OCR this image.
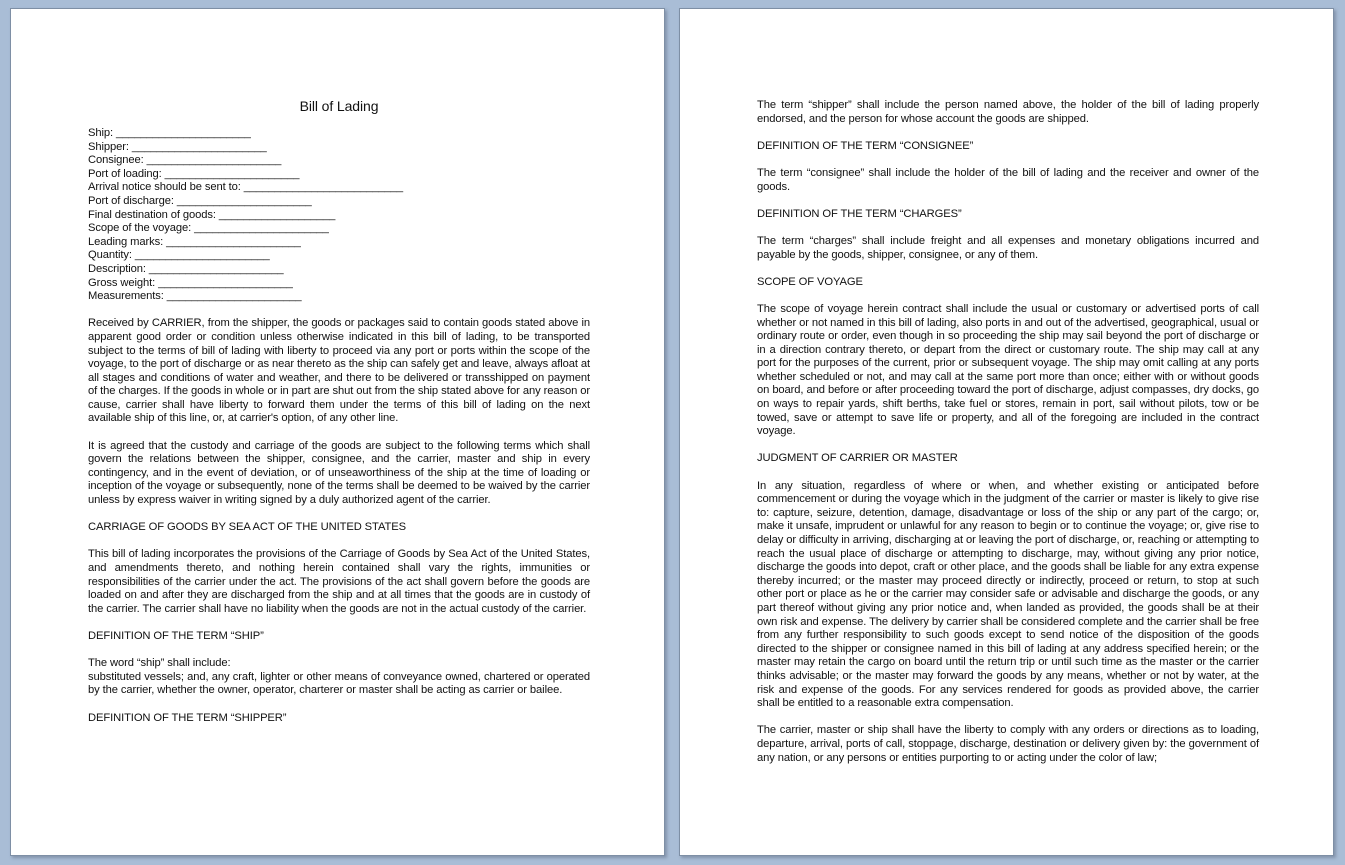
Bill of Lading
Ship: ______________________
Shipper: ______________________
Consignee: ______________________
Port of loading: ______________________
Arrival notice should be sent to: __________________________
Port of discharge: ______________________
Final destination of goods: ___________________
Scope of the voyage: ______________________
Leading marks: ______________________
Quantity: ______________________
Description: ______________________
Gross weight: ______________________
Measurements: ______________________

Received by CARRIER, from the shipper, the goods or packages said to contain goods stated above in apparent good order or condition unless otherwise indicated in this bill of lading, to be transported subject to the terms of bill of lading with liberty to proceed via any port or ports within the scope of the voyage, to the port of discharge or as near thereto as the ship can safely get and leave, always afloat at all stages and conditions of water and weather, and there to be delivered or transshipped on payment of the charges. If the goods in whole or in part are shut out from the ship stated above for any reason or cause, carrier shall have liberty to forward them under the terms of this bill of lading on the next available ship of this line, or, at carrier's option, of any other line.

It is agreed that the custody and carriage of the goods are subject to the following terms which shall govern the relations between the shipper, consignee, and the carrier, master and ship in every contingency, and in the event of deviation, or of unseaworthiness of the ship at the time of loading or inception of the voyage or subsequently, none of the terms shall be deemed to be waived by the carrier unless by express waiver in writing signed by a duly authorized agent of the carrier.

CARRIAGE OF GOODS BY SEA ACT OF THE UNITED STATES

This bill of lading incorporates the provisions of the Carriage of Goods by Sea Act of the United States, and amendments thereto, and nothing herein contained shall vary the rights, immunities or responsibilities of the carrier under the act. The provisions of the act shall govern before the goods are loaded on and after they are discharged from the ship and at all times that the goods are in custody of the carrier. The carrier shall have no liability when the goods are not in the actual custody of the carrier.

DEFINITION OF THE TERM “SHIP”

The word “ship” shall include:

substituted vessels; and, any craft, lighter or other means of conveyance owned, chartered or operated by the carrier, whether the owner, operator, charterer or master shall be acting as carrier or bailee.

DEFINITION OF THE TERM “SHIPPER”

The term “shipper” shall include the person named above, the holder of the bill of lading properly endorsed, and the person for whose account the goods are shipped.

DEFINITION OF THE TERM “CONSIGNEE”

The term “consignee” shall include the holder of the bill of lading and the receiver and owner of the goods.

DEFINITION OF THE TERM “CHARGES”

The term “charges” shall include freight and all expenses and monetary obligations incurred and payable by the goods, shipper, consignee, or any of them.

SCOPE OF VOYAGE

The scope of voyage herein contract shall include the usual or customary or advertised ports of call whether or not named in this bill of lading, also ports in and out of the advertised, geographical, usual or ordinary route or order, even though in so proceeding the ship may sail beyond the port of discharge or in a direction contrary thereto, or depart from the direct or customary route. The ship may call at any port for the purposes of the current, prior or subsequent voyage. The ship may omit calling at any ports whether scheduled or not, and may call at the same port more than once; either with or without goods on board, and before or after proceeding toward the port of discharge, adjust compasses, dry docks, go on ways to repair yards, shift berths, take fuel or stores, remain in port, sail without pilots, tow or be towed, save or attempt to save life or property, and all of the foregoing are included in the contract voyage.

JUDGMENT OF CARRIER OR MASTER

In any situation, regardless of where or when, and whether existing or anticipated before commencement or during the voyage which in the judgment of the carrier or master is likely to give rise to: capture, seizure, detention, damage, disadvantage or loss of the ship or any part of the cargo; or, make it unsafe, imprudent or unlawful for any reason to begin or to continue the voyage; or, give rise to delay or difficulty in arriving, discharging at or leaving the port of discharge, or, reaching or attempting to reach the usual place of discharge or attempting to discharge, may, without giving any prior notice, discharge the goods into depot, craft or other place, and the goods shall be liable for any extra expense thereby incurred; or the master may proceed directly or indirectly, proceed or return, to stop at such other port or place as he or the carrier may consider safe or advisable and discharge the goods, or any part thereof without giving any prior notice and, when landed as provided, the goods shall be at their own risk and expense. The delivery by carrier shall be considered complete and the carrier shall be free from any further responsibility to such goods except to send notice of the disposition of the goods directed to the shipper or consignee named in this bill of lading at any address specified herein; or the master may retain the cargo on board until the return trip or until such time as the master or the carrier thinks advisable; or the master may forward the goods by any means, whether or not by water, at the risk and expense of the goods. For any services rendered for goods as provided above, the carrier shall be entitled to a reasonable extra compensation.

The carrier, master or ship shall have the liberty to comply with any orders or directions as to loading, departure, arrival, ports of call, stoppage, discharge, destination or delivery given by: the government of any nation, or any persons or entities purporting to or acting under the color of law;
